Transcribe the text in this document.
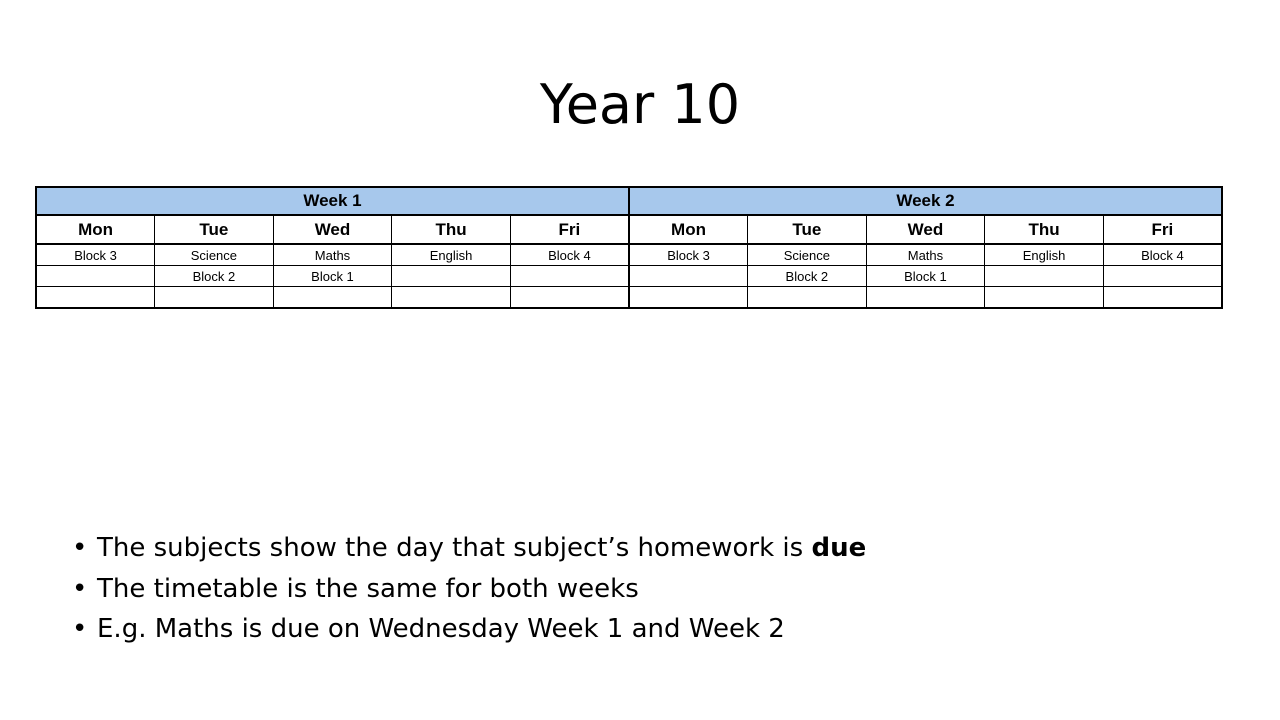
Year 10
Week 1					Week 2				
Mon	Tue	Wed	Thu	Fri	Mon	Tue	Wed	Thu	Fri
Block 3	Science	Maths	English	Block 4	Block 3	Science	Maths	English	Block 4
	Block 2	Block 1				Block 2	Block 1		

• The subjects show the day that subject’s homework is due
• The timetable is the same for both weeks
• E.g. Maths is due on Wednesday Week 1 and Week 2
